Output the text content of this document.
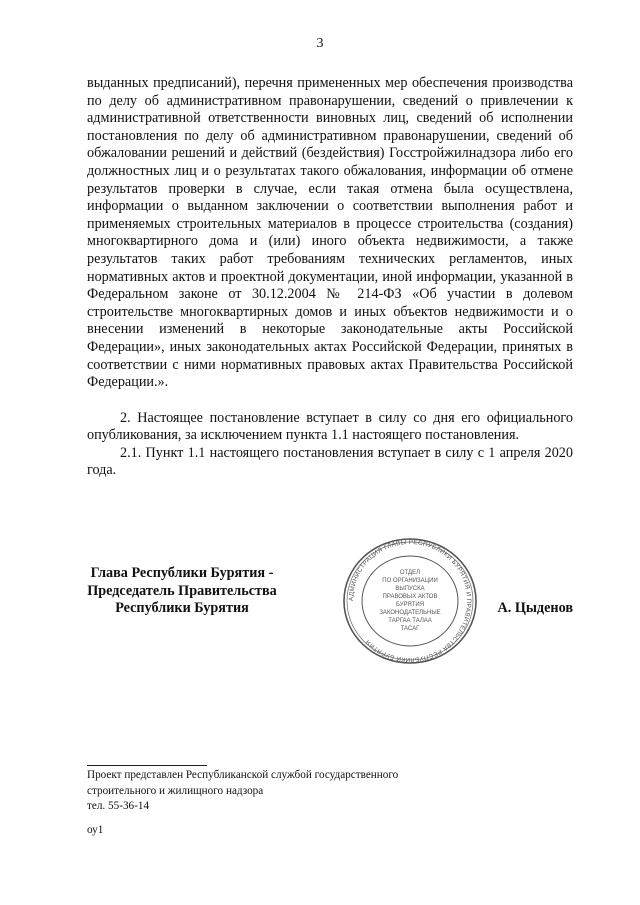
3

выданных предписаний), перечня примененных мер обеспечения производства по делу об административном правонарушении, сведений о привлечении к административной ответственности виновных лиц, сведений об исполнении постановления по делу об административном правонарушении, сведений об обжаловании решений и действий (бездействия) Госстройжилнадзора либо его должностных лиц и о результатах такого обжалования, информации об отмене результатов проверки в случае, если такая отмена была осуществлена, информации о выданном заключении о соответствии выполнения работ и применяемых строительных материалов в процессе строительства (создания) многоквартирного дома и (или) иного объекта недвижимости, а также результатов таких работ требованиям технических регламентов, иных нормативных актов и проектной документации, иной информации, указанной в Федеральном законе от 30.12.2004 № 214-ФЗ «Об участии в долевом строительстве многоквартирных домов и иных объектов недвижимости и о внесении изменений в некоторые законодательные акты Российской Федерации», иных законодательных актах Российской Федерации, принятых в соответствии с ними нормативных правовых актах Правительства Российской Федерации.».

2. Настоящее постановление вступает в силу со дня его официального опубликования, за исключением пункта 1.1 настоящего постановления.

2.1. Пункт 1.1 настоящего постановления вступает в силу с 1 апреля 2020 года.

Глава Республики Бурятия -
Председатель Правительства
Республики Бурятия
АДМИНИСТРАЦИЯ ГЛАВЫ РЕСПУБЛИКИ БУРЯТИЯ И ПРАВИТЕЛЬСТВА РЕСПУБЛИКИ БУРЯТИЯ
ОТДЕЛ
ПО ОРГАНИЗАЦИИ
ВЫПУСКА
ПРАВОВЫХ АКТОВ
БУРЯТИЯ
ЗАКОНОДАТЕЛЬНЫЕ
ТАРГАА ТАЛАА
ТАСАГ
А. Цыденов
Проект представлен Республиканской службой государственного
строительного и жилищного надзора
тел. 55-36-14
оу1
